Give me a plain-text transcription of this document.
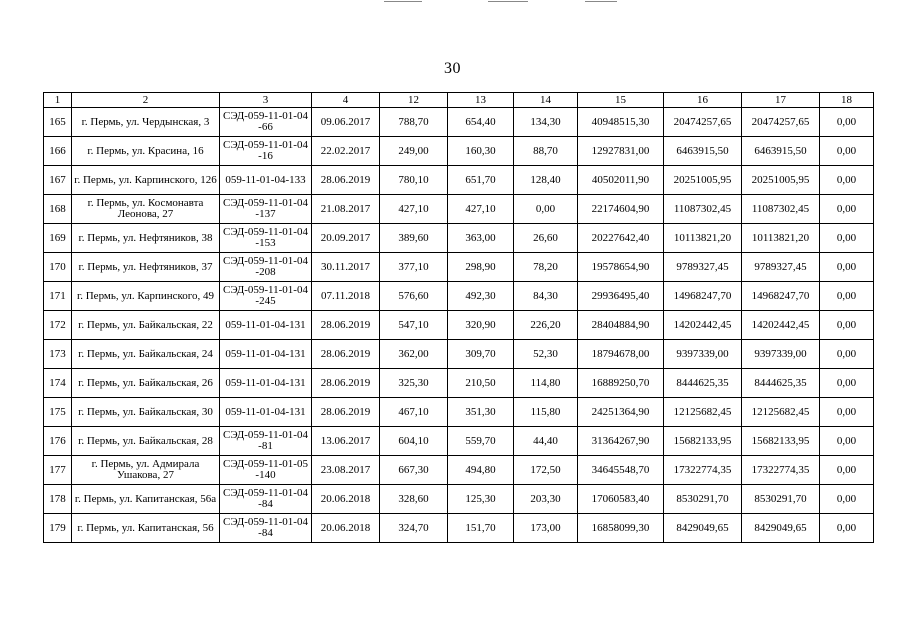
30
1	2	3	4	12	13	14	15	16	17	18
165	г. Пермь, ул. Чердынская, 3	СЭД-059-11-01-04-66	09.06.2017	788,70	654,40	134,30	40948515,30	20474257,65	20474257,65	0,00
166	г. Пермь, ул. Красина, 16	СЭД-059-11-01-04-16	22.02.2017	249,00	160,30	88,70	12927831,00	6463915,50	6463915,50	0,00
167	г. Пермь, ул. Карпинского, 126	059-11-01-04-133	28.06.2019	780,10	651,70	128,40	40502011,90	20251005,95	20251005,95	0,00
168	г. Пермь, ул. Космонавта Леонова, 27	СЭД-059-11-01-04-137	21.08.2017	427,10	427,10	0,00	22174604,90	11087302,45	11087302,45	0,00
169	г. Пермь, ул. Нефтяников, 38	СЭД-059-11-01-04-153	20.09.2017	389,60	363,00	26,60	20227642,40	10113821,20	10113821,20	0,00
170	г. Пермь, ул. Нефтяников, 37	СЭД-059-11-01-04-208	30.11.2017	377,10	298,90	78,20	19578654,90	9789327,45	9789327,45	0,00
171	г. Пермь, ул. Карпинского, 49	СЭД-059-11-01-04-245	07.11.2018	576,60	492,30	84,30	29936495,40	14968247,70	14968247,70	0,00
172	г. Пермь, ул. Байкальская, 22	059-11-01-04-131	28.06.2019	547,10	320,90	226,20	28404884,90	14202442,45	14202442,45	0,00
173	г. Пермь, ул. Байкальская, 24	059-11-01-04-131	28.06.2019	362,00	309,70	52,30	18794678,00	9397339,00	9397339,00	0,00
174	г. Пермь, ул. Байкальская, 26	059-11-01-04-131	28.06.2019	325,30	210,50	114,80	16889250,70	8444625,35	8444625,35	0,00
175	г. Пермь, ул. Байкальская, 30	059-11-01-04-131	28.06.2019	467,10	351,30	115,80	24251364,90	12125682,45	12125682,45	0,00
176	г. Пермь, ул. Байкальская, 28	СЭД-059-11-01-04-81	13.06.2017	604,10	559,70	44,40	31364267,90	15682133,95	15682133,95	0,00
177	г. Пермь, ул. Адмирала Ушакова, 27	СЭД-059-11-01-05-140	23.08.2017	667,30	494,80	172,50	34645548,70	17322774,35	17322774,35	0,00
178	г. Пермь, ул. Капитанская, 56а	СЭД-059-11-01-04-84	20.06.2018	328,60	125,30	203,30	17060583,40	8530291,70	8530291,70	0,00
179	г. Пермь, ул. Капитанская, 56	СЭД-059-11-01-04-84	20.06.2018	324,70	151,70	173,00	16858099,30	8429049,65	8429049,65	0,00
